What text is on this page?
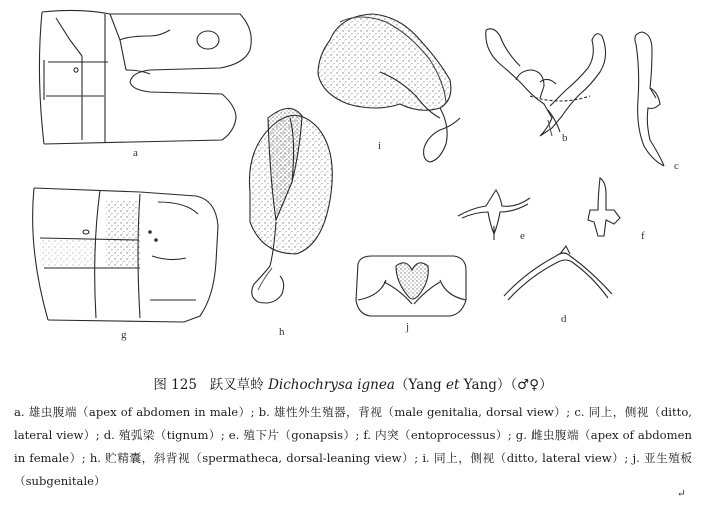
a
b
c
d
e	f
g	h
i
j
图 125 跃叉草蛉 Dichochrysa ignea（Yang et Yang）（♂♀）
a. 雄虫腹端（apex of abdomen in male）; b. 雄性外生殖器，背视（male genitalia, dorsal view）; c. 同上，侧视（ditto, lateral view）; d. 殖弧梁（tignum）; e. 殖下片（gonapsis）; f. 内突（entoprocessus）; g. 雌虫腹端（apex of abdomen in female）; h. 贮精囊，斜背视（spermatheca, dorsal-leaning view）; i. 同上，侧视（ditto, lateral view）; j. 亚生殖板（subgenitale）
↵
